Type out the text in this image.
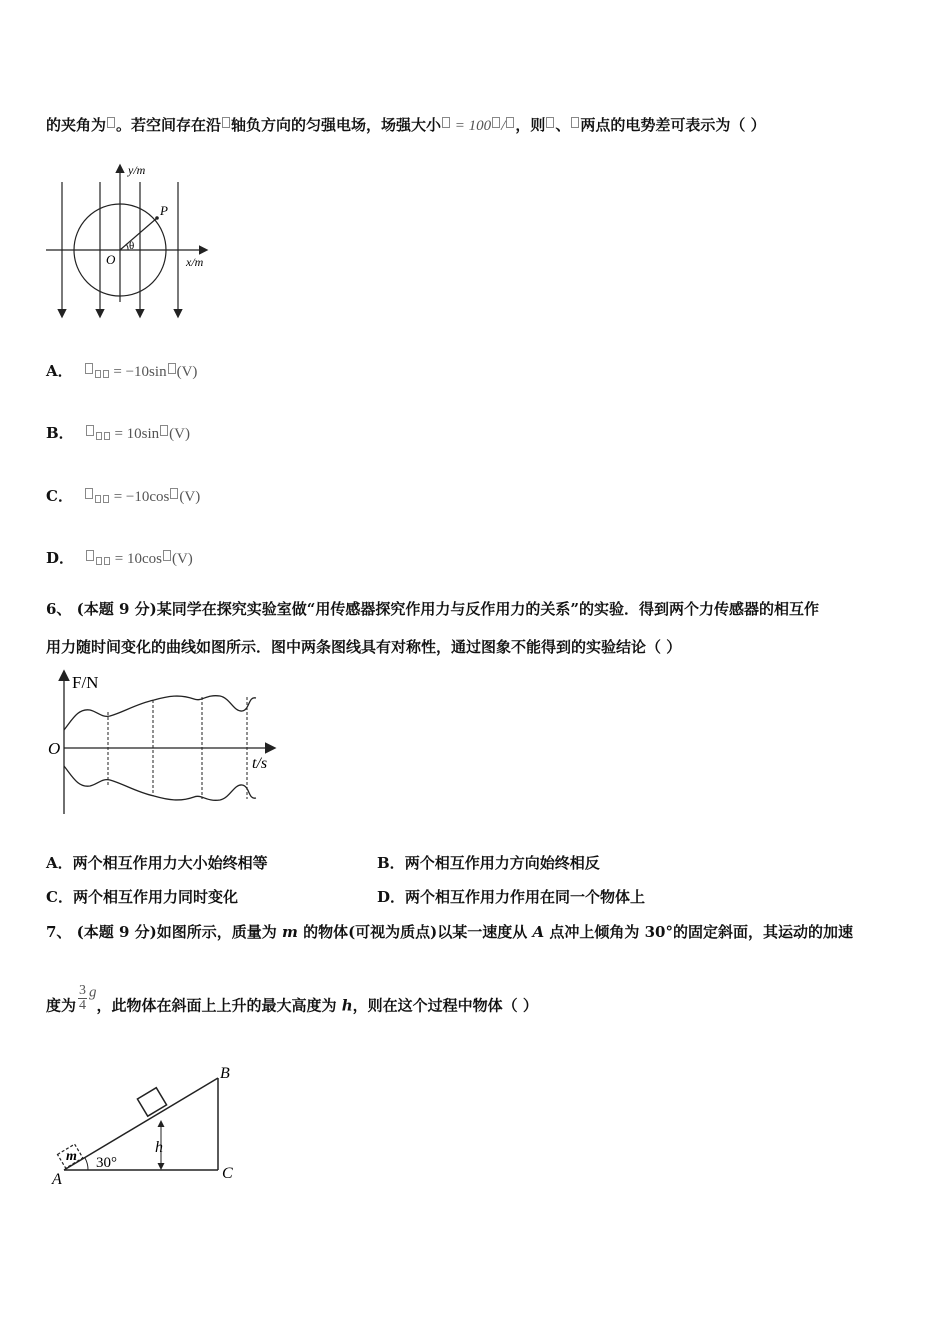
的夹角为 。若空间存在沿 轴负方向的匀强电场，场强大小 = 100 / ，则 、 两点的电势差可表示为（ ）
y/m
x/m
O
P
θ
A． = −10sin (V)
B． = 10sin (V)
C． = −10cos (V)
D． = 10cos (V)
6、 (本题 9 分)某同学在探究实验室做“用传感器探究作用力与反作用力的关系”的实验．得到两个力传感器的相互作
用力随时间变化的曲线如图所示．图中两条图线具有对称性，通过图象不能得到的实验结论（ ）
F/N
t/s
O
A．两个相互作用力大小始终相等	B．两个相互作用力方向始终相反
C．两个相互作用力同时变化	D．两个相互作用力作用在同一个物体上
7、 (本题 9 分)如图所示，质量为 m 的物体(可视为质点)以某一速度从 A 点冲上倾角为 30°的固定斜面，其运动的加速
度为 $\frac{3}{4}$ g，此物体在斜面上上升的最大高度为 h，则在这个过程中物体（ ）
A
B
C
m
h
30°
